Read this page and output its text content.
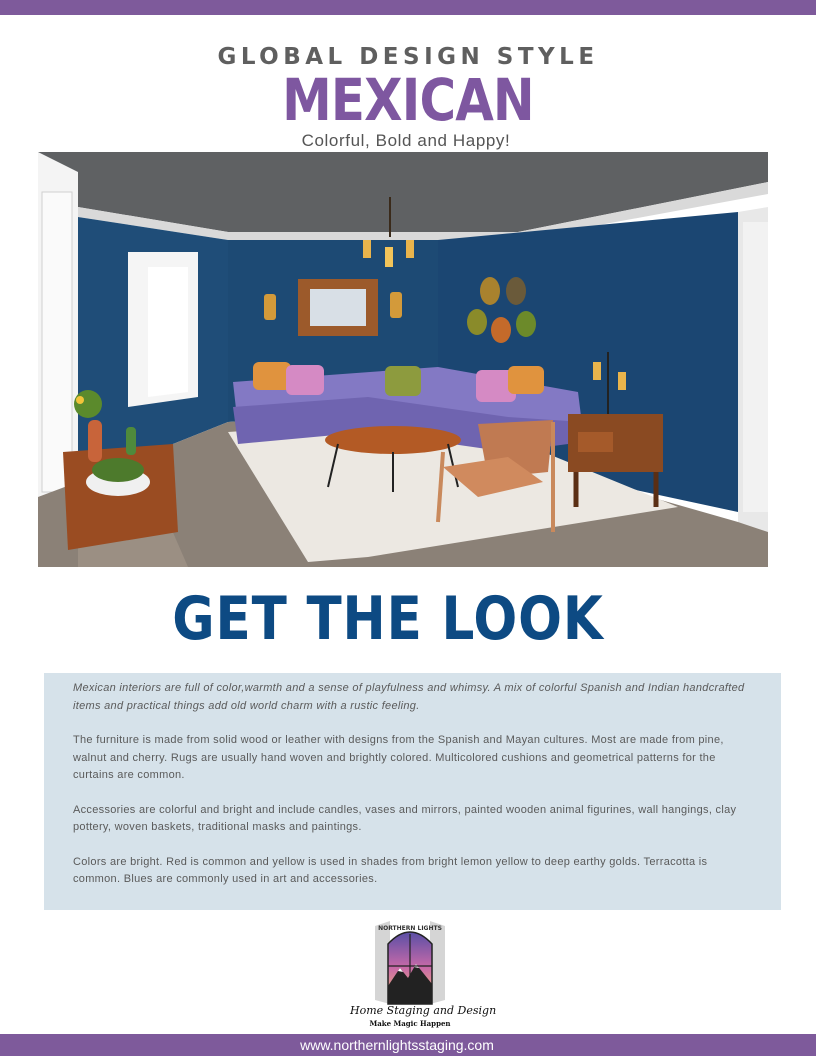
GLOBAL DESIGN STYLE
MEXICAN
Colorful, Bold and Happy!
GET THE LOOK

Mexican interiors are full of color,warmth and a sense of playfulness and whimsy. A mix of colorful Spanish and Indian handcrafted items and practical things add old world charm with a rustic feeling.

The furniture is made from solid wood or leather with designs from the Spanish and Mayan cultures. Most are made from pine, walnut and cherry. Rugs are usually hand woven and brightly colored. Multicolored cushions and geometrical patterns for the curtains are common.

Accessories are colorful and bright and include candles, vases and mirrors, painted wooden animal figurines, wall hangings, clay pottery, woven baskets, traditional masks and paintings.

Colors are bright. Red is common and yellow is used in shades from bright lemon yellow to deep earthy golds. Terracotta is common. Blues are commonly used in art and accessories.

NORTHERN LIGHTS
Home Staging and Design
Make Magic Happen
www.northernlightsstaging.com
